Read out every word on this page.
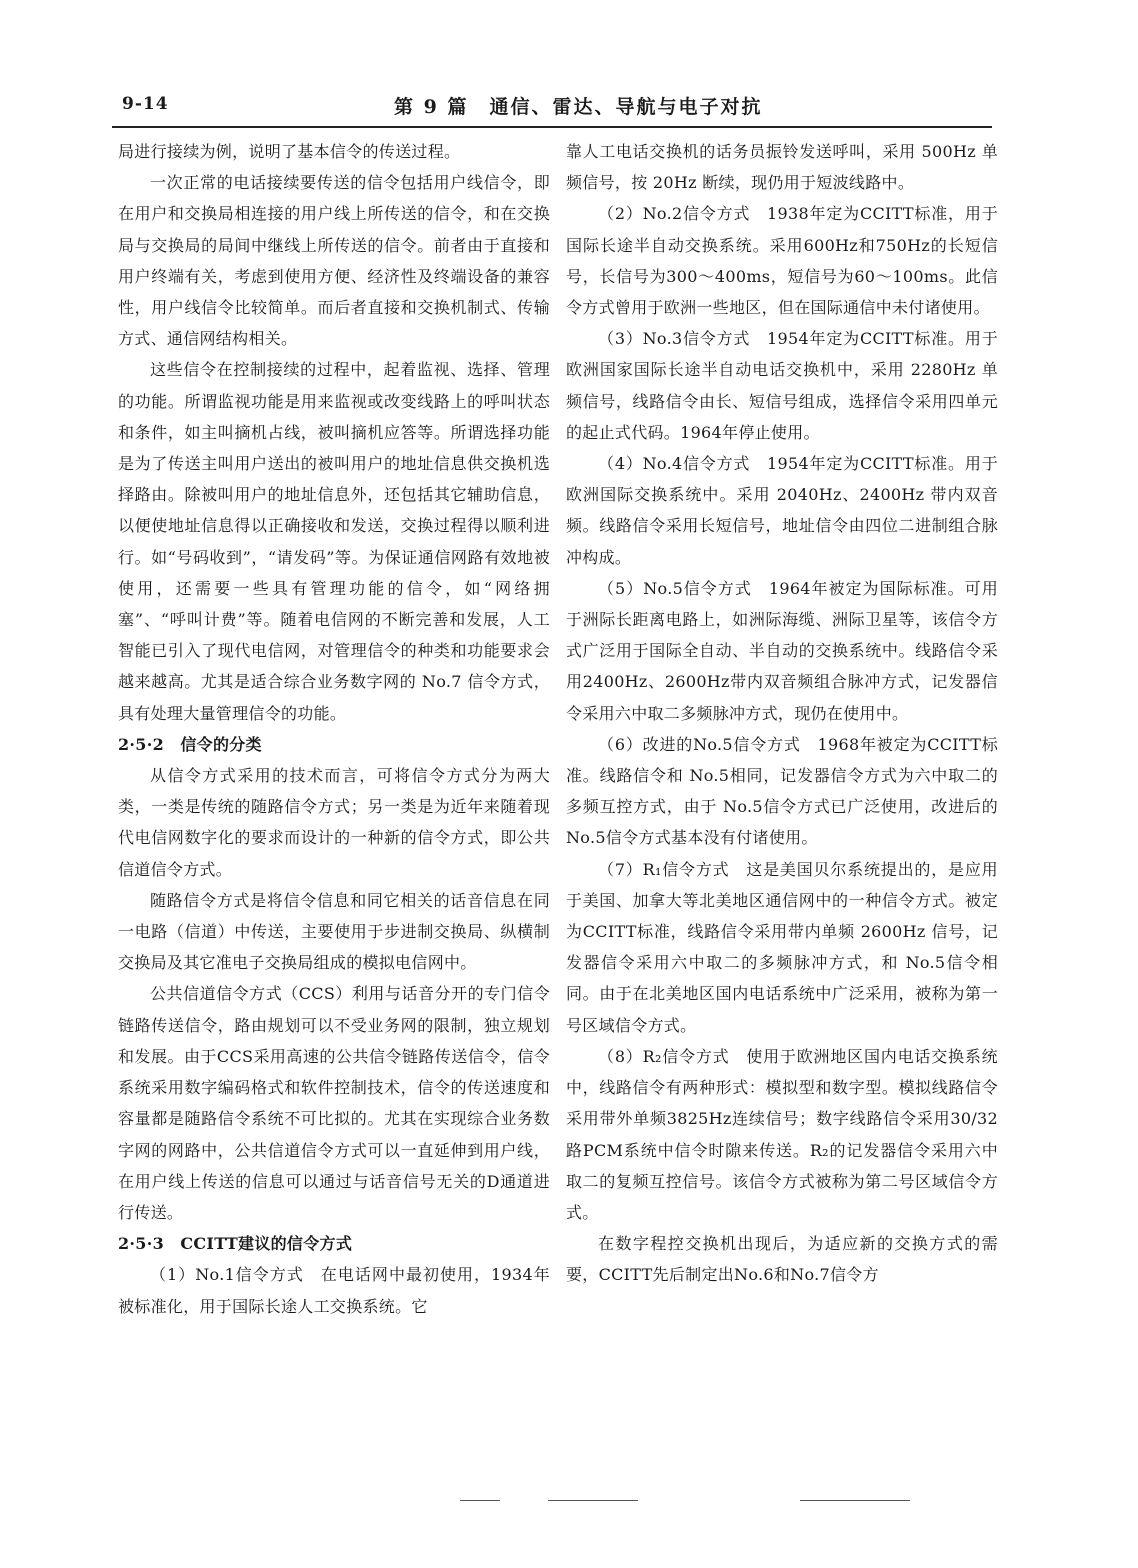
9-14	第 9 篇　通信、雷达、导航与电子对抗

局进行接续为例，说明了基本信令的传送过程。

一次正常的电话接续要传送的信令包括用户线信令，即在用户和交换局相连接的用户线上所传送的信令，和在交换局与交换局的局间中继线上所传送的信令。前者由于直接和用户终端有关，考虑到使用方便、经济性及终端设备的兼容性，用户线信令比较简单。而后者直接和交换机制式、传输方式、通信网结构相关。

这些信令在控制接续的过程中，起着监视、选择、管理的功能。所谓监视功能是用来监视或改变线路上的呼叫状态和条件，如主叫摘机占线，被叫摘机应答等。所谓选择功能是为了传送主叫用户送出的被叫用户的地址信息供交换机选择路由。除被叫用户的地址信息外，还包括其它辅助信息，以便使地址信息得以正确接收和发送，交换过程得以顺利进行。如“号码收到”，“请发码”等。为保证通信网路有效地被使用，还需要一些具有管理功能的信令，如“网络拥塞”、“呼叫计费”等。随着电信网的不断完善和发展，人工智能已引入了现代电信网，对管理信令的种类和功能要求会越来越高。尤其是适合综合业务数字网的 No.7 信令方式，具有处理大量管理信令的功能。

2·5·2　信令的分类

从信令方式采用的技术而言，可将信令方式分为两大类，一类是传统的随路信令方式；另一类是为近年来随着现代电信网数字化的要求而设计的一种新的信令方式，即公共信道信令方式。

随路信令方式是将信令信息和同它相关的话音信息在同一电路（信道）中传送，主要使用于步进制交换局、纵横制交换局及其它准电子交换局组成的模拟电信网中。

公共信道信令方式（CCS）利用与话音分开的专门信令链路传送信令，路由规划可以不受业务网的限制，独立规划和发展。由于CCS采用高速的公共信令链路传送信令，信令系统采用数字编码格式和软件控制技术，信令的传送速度和容量都是随路信令系统不可比拟的。尤其在实现综合业务数字网的网路中，公共信道信令方式可以一直延伸到用户线，在用户线上传送的信息可以通过与话音信号无关的D通道进行传送。

2·5·3　CCITT建议的信令方式

（1）No.1信令方式　在电话网中最初使用，1934年被标准化，用于国际长途人工交换系统。它

靠人工电话交换机的话务员振铃发送呼叫，采用 500Hz 单频信号，按 20Hz 断续，现仍用于短波线路中。

（2）No.2信令方式　1938年定为CCITT标准，用于国际长途半自动交换系统。采用600Hz和750Hz的长短信号，长信号为300～400ms，短信号为60～100ms。此信令方式曾用于欧洲一些地区，但在国际通信中未付诸使用。

（3）No.3信令方式　1954年定为CCITT标准。用于欧洲国家国际长途半自动电话交换机中，采用 2280Hz 单频信号，线路信令由长、短信号组成，选择信令采用四单元的起止式代码。1964年停止使用。

（4）No.4信令方式　1954年定为CCITT标准。用于欧洲国际交换系统中。采用 2040Hz、2400Hz 带内双音频。线路信令采用长短信号，地址信令由四位二进制组合脉冲构成。

（5）No.5信令方式　1964年被定为国际标准。可用于洲际长距离电路上，如洲际海缆、洲际卫星等，该信令方式广泛用于国际全自动、半自动的交换系统中。线路信令采用2400Hz、2600Hz带内双音频组合脉冲方式，记发器信令采用六中取二多频脉冲方式，现仍在使用中。

（6）改进的No.5信令方式　1968年被定为CCITT标准。线路信令和 No.5相同，记发器信令方式为六中取二的多频互控方式，由于 No.5信令方式已广泛使用，改进后的 No.5信令方式基本没有付诸使用。

（7）R₁信令方式　这是美国贝尔系统提出的，是应用于美国、加拿大等北美地区通信网中的一种信令方式。被定为CCITT标准，线路信令采用带内单频 2600Hz 信号，记发器信令采用六中取二的多频脉冲方式，和 No.5信令相同。由于在北美地区国内电话系统中广泛采用，被称为第一号区域信令方式。

（8）R₂信令方式　使用于欧洲地区国内电话交换系统中，线路信令有两种形式：模拟型和数字型。模拟线路信令采用带外单频3825Hz连续信号；数字线路信令采用30/32路PCM系统中信令时隙来传送。R₂的记发器信令采用六中取二的复频互控信号。该信令方式被称为第二号区域信令方式。

在数字程控交换机出现后，为适应新的交换方式的需要，CCITT先后制定出No.6和No.7信令方
